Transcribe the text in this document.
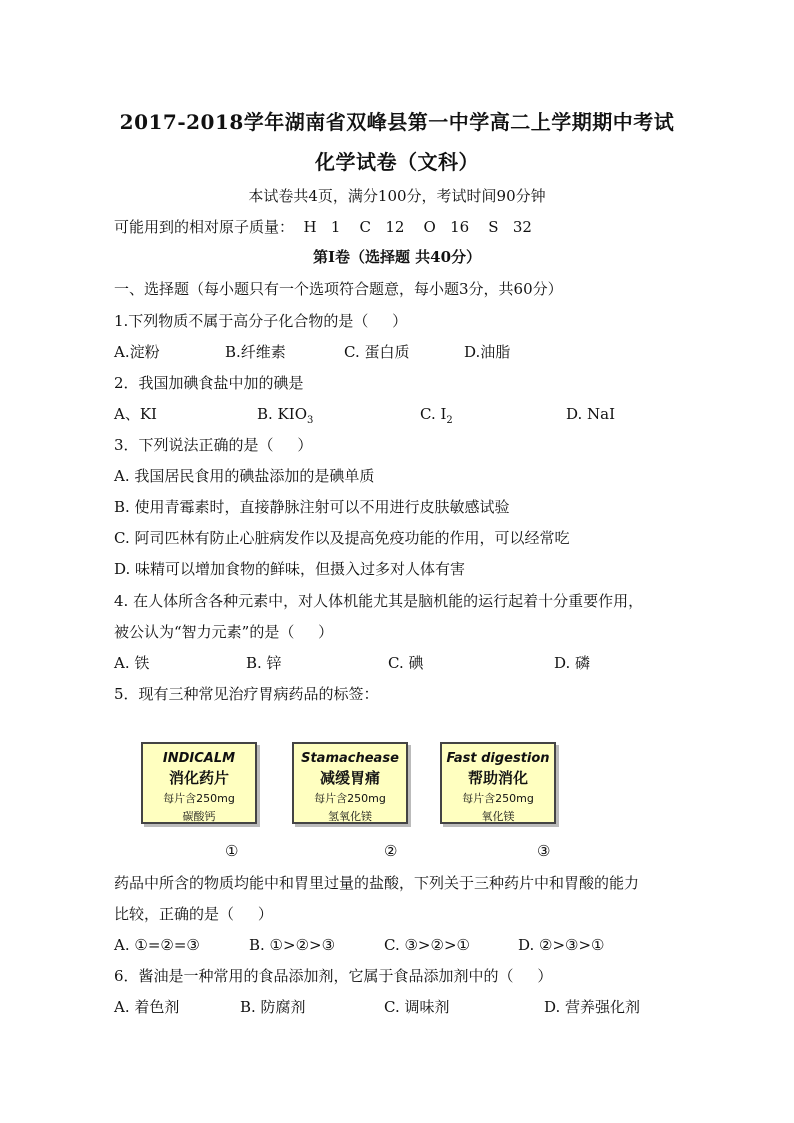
2017-2018学年湖南省双峰县第一中学高二上学期期中考试
化学试卷（文科）
本试卷共4页，满分100分，考试时间90分钟
可能用到的相对原子质量：  H   1    C   12    O   16    S   32
第Ⅰ卷（选择题 共40分）
一、选择题（每小题只有一个选项符合题意，每小题3分，共60分）
1.下列物质不属于高分子化合物的是（     ）
A.淀粉	B.纤维素	C. 蛋白质	D.油脂
2．我国加碘食盐中加的碘是
A、KI	B. $KIO_3$	C. $I_2$	D. NaI
3．下列说法正确的是（     ）
A. 我国居民食用的碘盐添加的是碘单质
B. 使用青霉素时，直接静脉注射可以不用进行皮肤敏感试验
C. 阿司匹林有防止心脏病发作以及提高免疫功能的作用，可以经常吃
D. 味精可以增加食物的鲜味，但摄入过多对人体有害
4. 在人体所含各种元素中，对人体机能尤其是脑机能的运行起着十分重要作用，
被公认为“智力元素”的是（     ）
A. 铁	B. 锌	C. 碘	D. 磷
5．现有三种常见治疗胃病药品的标签：
INDICALM
消化药片
每片含250mg
碳酸钙
Stamachease
减缓胃痛
每片含250mg
氢氧化镁
Fast digestion
帮助消化
每片含250mg
氧化镁
①	②	③
药品中所含的物质均能中和胃里过量的盐酸，下列关于三种药片中和胃酸的能力
比较，正确的是（     ）
A. ①=②=③	B. ①>②>③	C. ③>②>①	D. ②>③>①
6．酱油是一种常用的食品添加剂，它属于食品添加剂中的（     ）
A. 着色剂	B. 防腐剂	C. 调味剂	D. 营养强化剂
